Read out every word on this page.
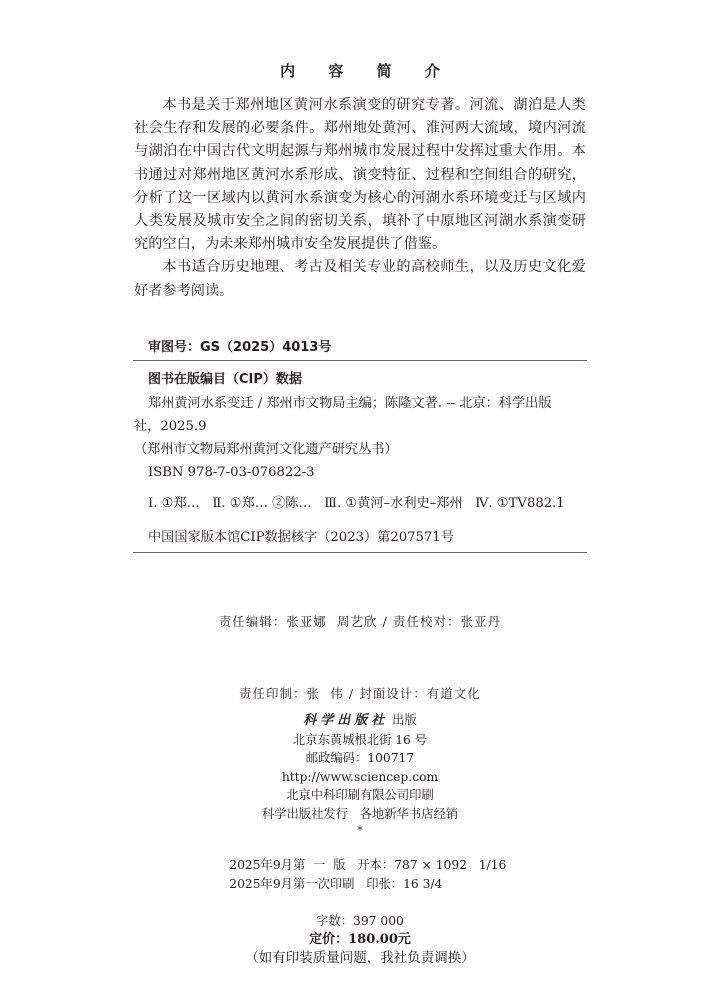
内 容 简 介

本书是关于郑州地区黄河水系演变的研究专著。河流、湖泊是人类社会生存和发展的必要条件。郑州地处黄河、淮河两大流域，境内河流与湖泊在中国古代文明起源与郑州城市发展过程中发挥过重大作用。本书通过对郑州地区黄河水系形成、演变特征、过程和空间组合的研究，分析了这一区域内以黄河水系演变为核心的河湖水系环境变迁与区域内人类发展及城市安全之间的密切关系，填补了中原地区河湖水系演变研究的空白，为未来郑州城市安全发展提供了借鉴。

本书适合历史地理、考古及相关专业的高校师生，以及历史文化爱好者参考阅读。

审图号：GS（2025）4013号
图书在版编目（CIP）数据
郑州黄河水系变迁 / 郑州市文物局主编；陈隆文著. -- 北京：科学出版
社，2025.9
（郑州市文物局郑州黄河文化遗产研究丛书）
ISBN 978-7-03-076822-3
Ⅰ. ①郑…   Ⅱ. ①郑… ②陈…   Ⅲ. ①黄河–水利史–郑州   Ⅳ. ①TV882.1
中国国家版本馆CIP数据核字（2023）第207571号

责任编辑：张亚娜  周艺欣 / 责任校对：张亚丹

责任印制：张  伟 / 封面设计：有道文化

科学出版社 出版
北京东黄城根北街 16 号
邮政编码：100717
http://www.sciencep.com
北京中科印刷有限公司印刷
科学出版社发行   各地新华书店经销
*

2025年9月第  一  版   开本：787 × 1092   1/16
2025年9月第一次印刷   印张：16 3/4

字数：397 000
定价：180.00元
（如有印装质量问题，我社负责调换）
